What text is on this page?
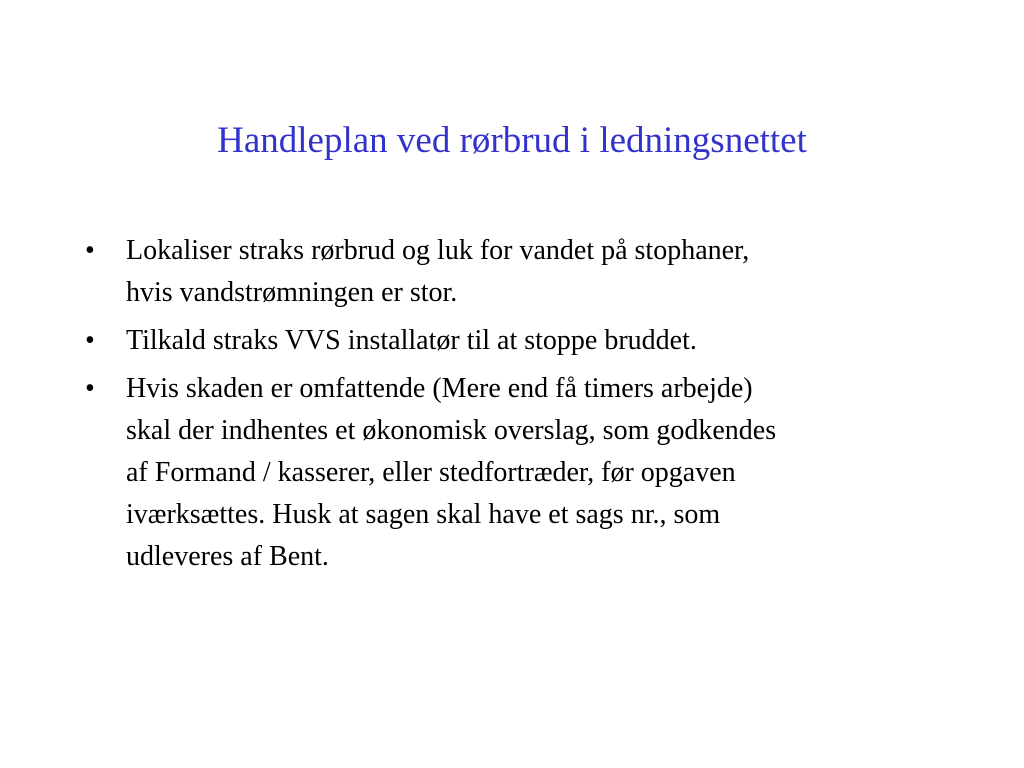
Handleplan ved rørbrud i ledningsnettet
•	Lokaliser straks rørbrud og luk for vandet på stophaner,
hvis vandstrømningen er stor.
•	Tilkald straks VVS installatør til at stoppe bruddet.
•	Hvis skaden er omfattende (Mere end få timers arbejde)
skal der indhentes et økonomisk overslag, som godkendes
af Formand / kasserer, eller stedfortræder, før opgaven
iværksættes. Husk at sagen skal have et sags nr., som
udleveres af Bent.
